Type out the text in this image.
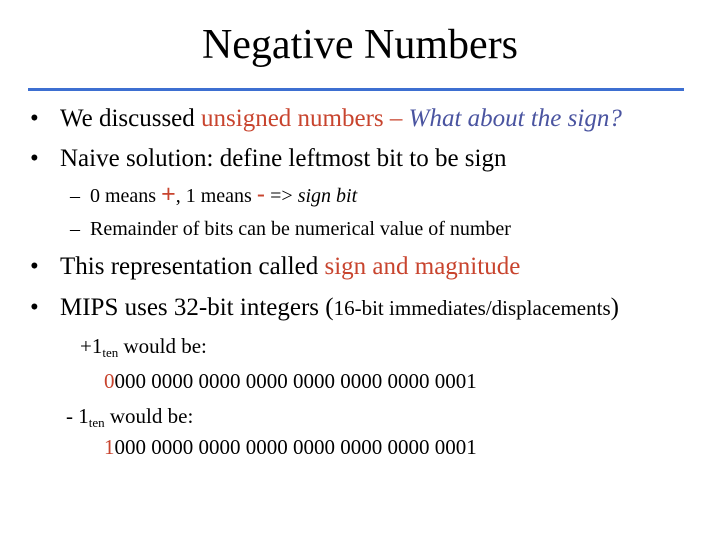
Negative Numbers
• We discussed unsigned numbers – What about the sign?
• Naive solution: define leftmost bit to be sign
– 0 means +, 1 means - => sign bit
– Remainder of bits can be numerical value of number
• This representation called sign and magnitude
• MIPS uses 32-bit integers (16-bit immediates/displacements)
$+1_{ten}$ would be:
0000 0000 0000 0000 0000 0000 0000 0001
- $1_{ten}$ would be:
1000 0000 0000 0000 0000 0000 0000 0001
